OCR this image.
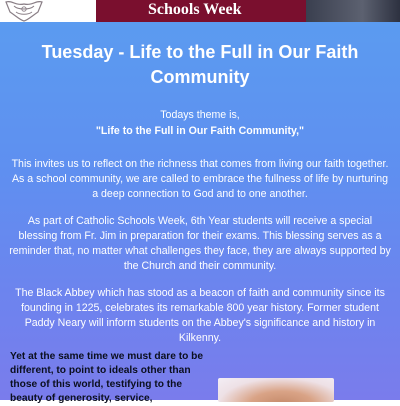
Schools Week
Tuesday - Life to the Full in Our Faith Community

Todays theme is,

"Life to the Full in Our Faith Community,"

This invites us to reflect on the richness that comes from living our faith together. As a school community, we are called to embrace the fullness of life by nurturing a deep connection to God and to one another.

As part of Catholic Schools Week, 6th Year students will receive a special blessing from Fr. Jim in preparation for their exams. This blessing serves as a reminder that, no matter what challenges they face, they are always supported by the Church and their community.

The Black Abbey which has stood as a beacon of faith and community since its founding in 1225, celebrates its remarkable 800 year history. Former student Paddy Neary will inform students on the Abbey's significance and history in Kilkenny.

Yet at the same time we must dare to be different, to point to ideals other than those of this world, testifying to the beauty of generosity, service,
